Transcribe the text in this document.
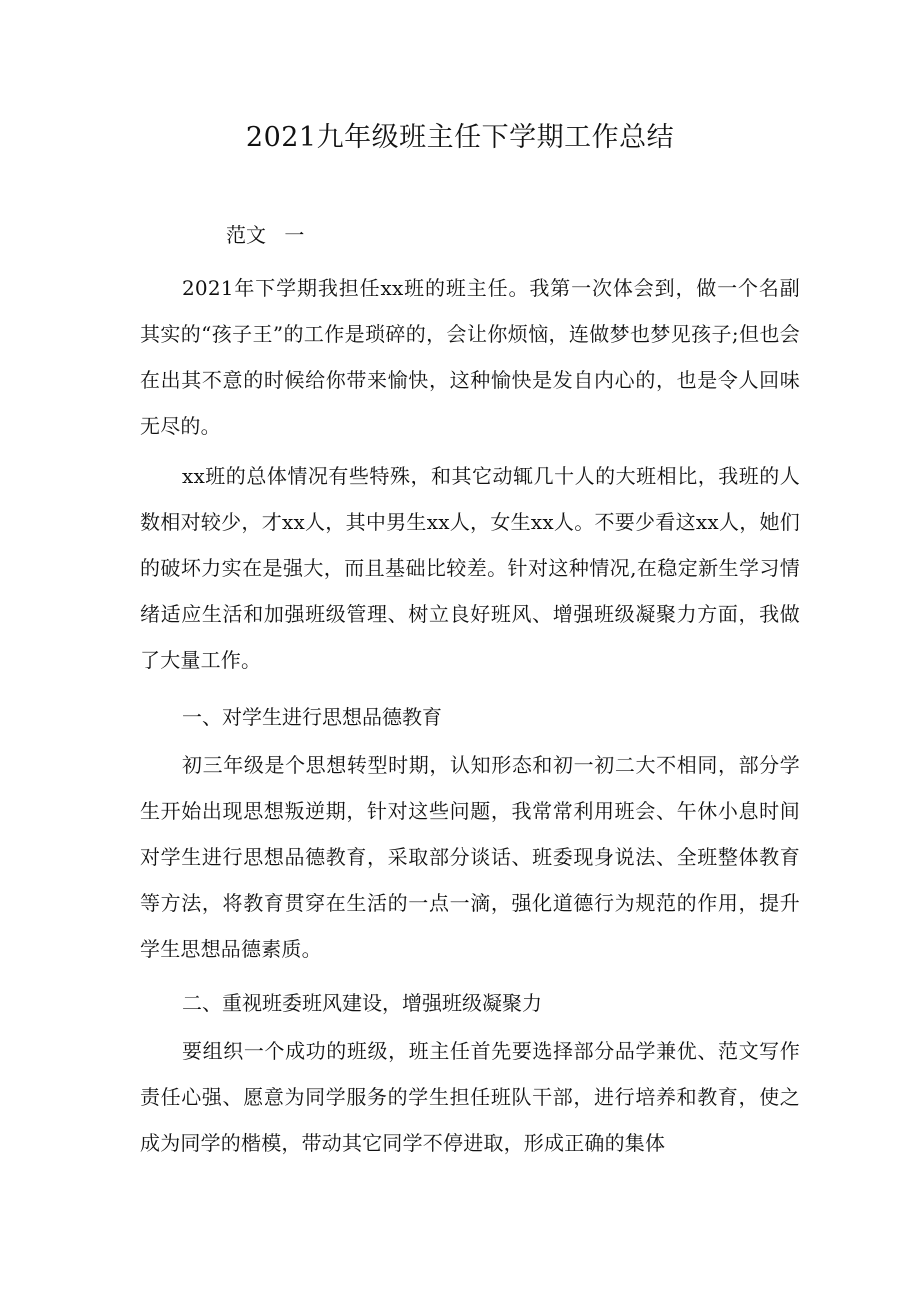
2021九年级班主任下学期工作总结

范文 一

2021年下学期我担任xx班的班主任。我第一次体会到，做一个名副其实的“孩子王”的工作是琐碎的，会让你烦恼，连做梦也梦见孩子;但也会在出其不意的时候给你带来愉快，这种愉快是发自内心的，也是令人回味无尽的。

xx班的总体情况有些特殊，和其它动辄几十人的大班相比，我班的人数相对较少，才xx人，其中男生xx人，女生xx人。不要少看这xx人，她们的破坏力实在是强大，而且基础比较差。针对这种情况,在稳定新生学习情绪适应生活和加强班级管理、树立良好班风、增强班级凝聚力方面，我做了大量工作。

一、对学生进行思想品德教育

初三年级是个思想转型时期，认知形态和初一初二大不相同，部分学生开始出现思想叛逆期，针对这些问题，我常常利用班会、午休小息时间对学生进行思想品德教育，采取部分谈话、班委现身说法、全班整体教育等方法，将教育贯穿在生活的一点一滴，强化道德行为规范的作用，提升学生思想品德素质。

二、重视班委班风建设，增强班级凝聚力

要组织一个成功的班级，班主任首先要选择部分品学兼优、范文写作责任心强、愿意为同学服务的学生担任班队干部，进行培养和教育，使之成为同学的楷模，带动其它同学不停进取，形成正确的集体
